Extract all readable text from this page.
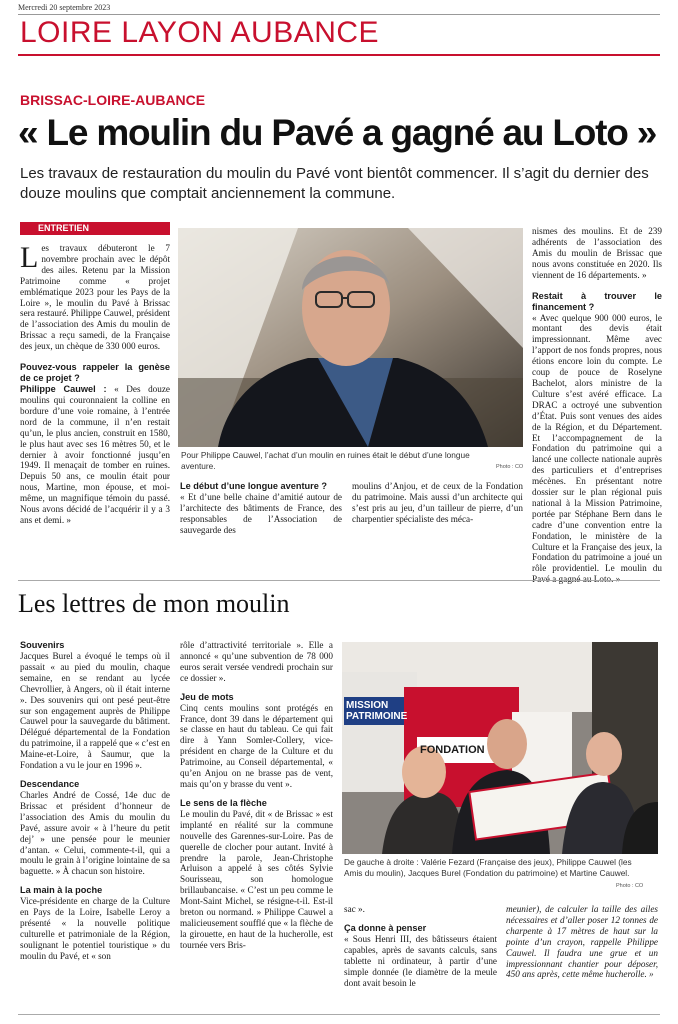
Mercredi 20 septembre 2023
LOIRE LAYON AUBANCE
BRISSAC-LOIRE-AUBANCE
« Le moulin du Pavé a gagné au Loto »
Les travaux de restauration du moulin du Pavé vont bientôt commencer. Il s’agit du dernier des douze moulins que comptait anciennement la commune.
ENTRETIEN

Les travaux débuteront le 7 novembre prochain avec le dépôt des ailes. Retenu par la Mission Patrimoine comme « projet emblématique 2023 pour les Pays de la Loire », le moulin du Pavé à Brissac sera restauré. Philippe Cauwel, président de l’association des Amis du moulin de Brissac a reçu samedi, de la Française des jeux, un chèque de 330 000 euros.

Pouvez-vous rappeler la genèse de ce projet ?

Philippe Cauwel : « Des douze moulins qui couronnaient la colline en bordure d’une voie romaine, à l’entrée nord de la commune, il n’en restait qu’un, le plus ancien, construit en 1580, le plus haut avec ses 16 mètres 50, et le dernier à avoir fonctionné jusqu’en 1949. Il menaçait de tomber en ruines. Depuis 50 ans, ce moulin était pour nous, Martine, mon épouse, et moi-même, un magnifique témoin du passé. Nous avons décidé de l’acquérir il y a 3 ans et demi. »

Pour Philippe Cauwel, l’achat d’un moulin en ruines était le début d’une longue aventure.	Photo : CO

Le début d’une longue aventure ?

« Et d’une belle chaine d’amitié autour de l’architecte des bâtiments de France, des responsables de l’Association de sauvegarde des

moulins d’Anjou, et de ceux de la Fondation du patrimoine. Mais aussi d’un architecte qui s’est pris au jeu, d’un tailleur de pierre, d’un charpentier spécialiste des méca-

nismes des moulins. Et de 239 adhérents de l’association des Amis du moulin de Brissac que nous avons constituée en 2020. Ils viennent de 16 départements. »

Restait à trouver le financement ?

« Avec quelque 900 000 euros, le montant des devis était impressionnant. Même avec l’apport de nos fonds propres, nous étions encore loin du compte. Le coup de pouce de Roselyne Bachelot, alors ministre de la Culture s’est avéré efficace. La DRAC a octroyé une subvention d’État. Puis sont venues des aides de la Région, et du Département. Et l’accompagnement de la Fondation du patrimoine qui a lancé une collecte nationale auprès des particuliers et d’entreprises mécènes. En présentant notre dossier sur le plan régional puis national à la Mission Patrimoine, portée par Stéphane Bern dans le cadre d’une convention entre la Fondation, le ministère de la Culture et la Française des jeux, la Fondation du patrimoine a joué un rôle providentiel. Le moulin du

Les lettres de mon moulin

Souvenirs

Jacques Burel a évoqué le temps où il passait « au pied du moulin, chaque semaine, en se rendant au lycée Chevrollier, à Angers, où il était interne ». Des souvenirs qui ont pesé peut-être sur son engagement auprès de Philippe Cauwel pour la sauvegarde du bâtiment. Délégué départemental de la Fondation du patrimoine, il a rappelé que « c’est en Maine-et-Loire, à Saumur, que la Fondation a vu le jour en 1996 ».

Descendance

Charles André de Cossé, 14e duc de Brissac et président d’honneur de l’association des Amis du moulin du Pavé, assure avoir « à l’heure du petit dej’ » une pensée pour le meunier d’antan. « Celui, commente-t-il, qui a moulu le grain à l’origine lointaine de sa baguette. » À chacun son histoire.

La main à la poche

Vice-présidente en charge de la Culture en Pays de la Loire, Isabelle Leroy a présenté « la nouvelle politique culturelle et patrimoniale de la Région, soulignant le potentiel touristique » du moulin du Pavé, et « son

rôle d’attractivité territoriale ». Elle a annoncé « qu’une subvention de 78 000 euros serait versée vendredi prochain sur ce dossier ».

Jeu de mots

Cinq cents moulins sont protégés en France, dont 39 dans le département qui se classe en haut du tableau. Ce qui fait dire à Yann Somler-Collery, vice-président en charge de la Culture et du Patrimoine, au Conseil départemental, « qu’en Anjou on ne brasse pas de vent, mais qu’on y brasse du vent ».

Le sens de la flèche

Le moulin du Pavé, dit « de Brissac » est implanté en réalité sur la commune nouvelle des Garennes-sur-Loire. Pas de querelle de clocher pour autant. Invité à prendre la parole, Jean-Christophe Arluison a appelé à ses côtés Sylvie Sourisseau, son homologue brillaubancaise. « C’est un peu comme le Mont-Saint Michel, se résigne-t-il. Est-il breton ou normand. » Philippe Cauwel a malicieusement soufflé que « la flèche de la girouette, en haut de la hucherolle, est tournée vers Bris-

MISSION
PATRIMOINE
FONDATION
De gauche à droite : Valérie Fezard (Française des jeux), Philippe Cauwel (les Amis du moulin), Jacques Burel (Fondation du patrimoine) et Martine Cauwel.
Photo : CO

sac ».

Ça donne à penser

« Sous Henri III, des bâtisseurs étaient capables, après de savants calculs, sans tablette ni ordinateur, à partir d’une simple donnée (le diamètre de la meule dont avait besoin le

meunier), de calculer la taille des ailes nécessaires et d’aller poser 12 tonnes de charpente à 17 mètres de haut sur la pointe d’un crayon, rappelle Philippe Cauwel. Il faudra une grue et un impressionnant chantier pour déposer, 450 ans après, cette même hucherolle. »
